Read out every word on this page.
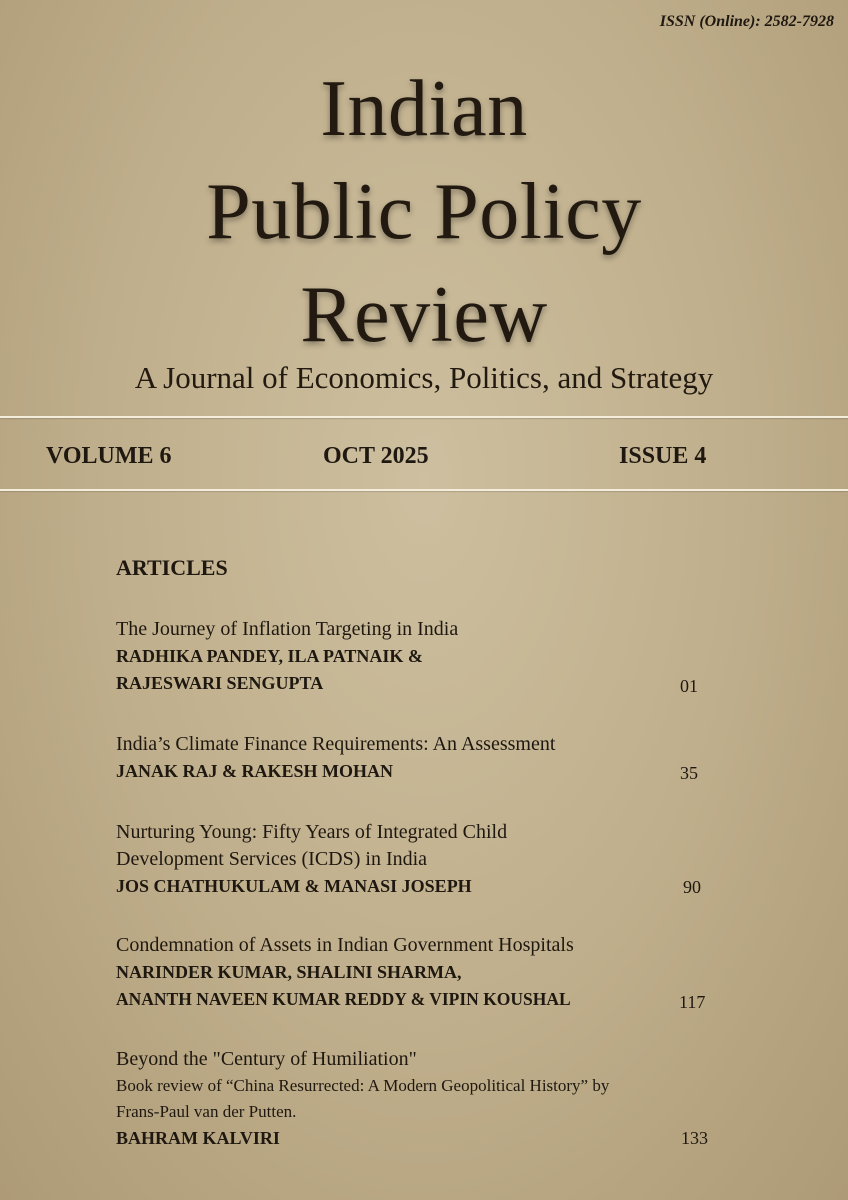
ISSN (Online): 2582-7928
Indian
Public Policy
Review
A Journal of Economics, Politics, and Strategy
VOLUME 6	OCT 2025	ISSUE 4
ARTICLES
The Journey of Inflation Targeting in India
RADHIKA PANDEY, ILA PATNAIK &
RAJESWARI SENGUPTA	01
India’s Climate Finance Requirements: An Assessment
JANAK RAJ & RAKESH MOHAN	35
Nurturing Young: Fifty Years of Integrated Child
Development Services (ICDS) in India
JOS CHATHUKULAM & MANASI JOSEPH	90
Condemnation of Assets in Indian Government Hospitals
NARINDER KUMAR, SHALINI SHARMA,
ANANTH NAVEEN KUMAR REDDY & VIPIN KOUSHAL	117
Beyond the "Century of Humiliation"
Book review of “China Resurrected: A Modern Geopolitical History” by
Frans-Paul van der Putten.
BAHRAM KALVIRI	133
